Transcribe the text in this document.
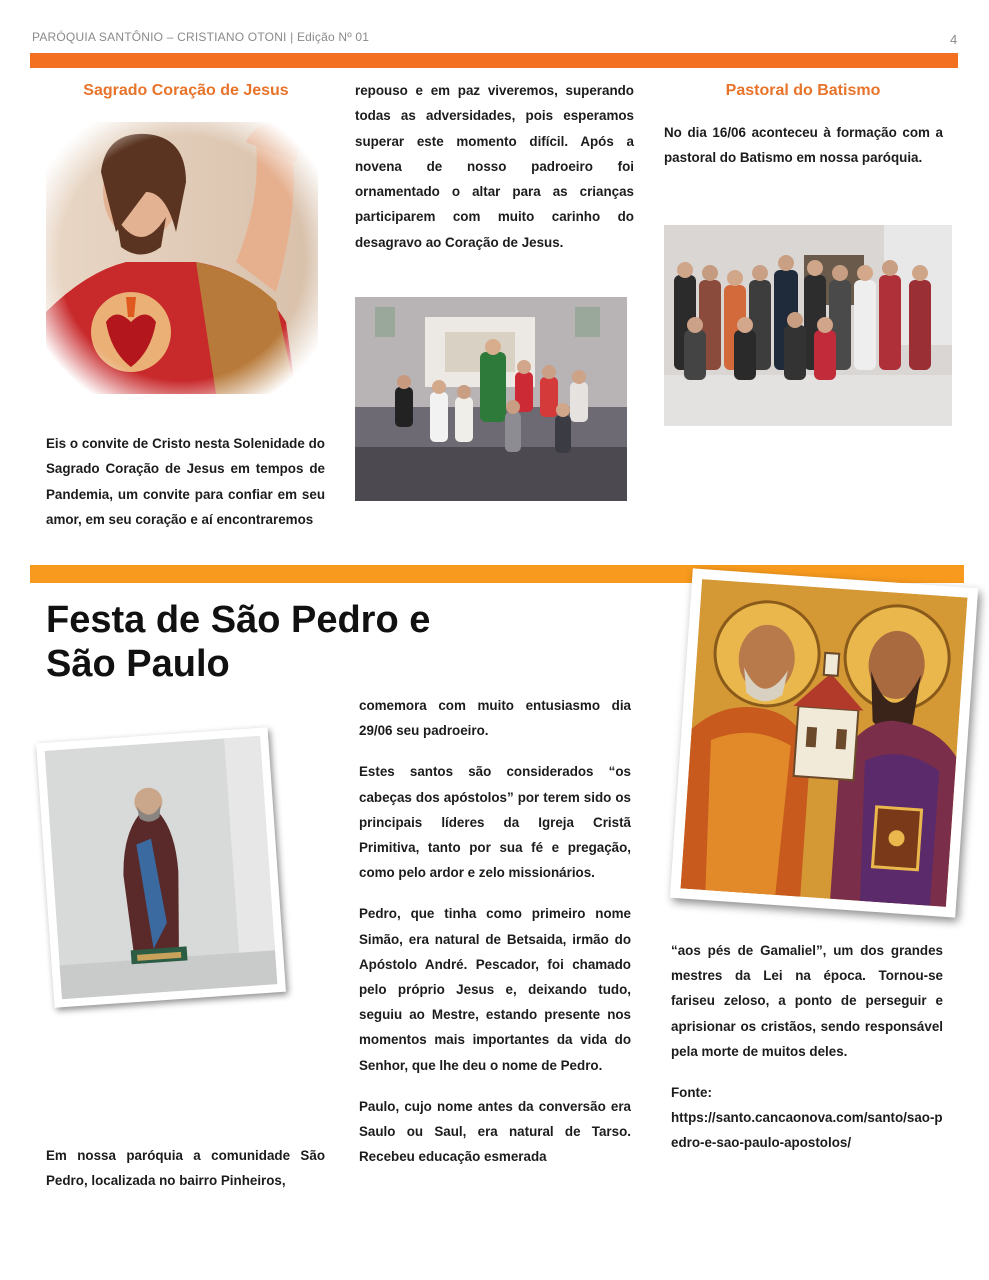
PARÓQUIA SANTÔNIO – CRISTIANO OTONI | Edição Nº 01	4
Sagrado Coração de Jesus
Eis o convite de Cristo nesta Solenidade do Sagrado Coração de Jesus em tempos de Pandemia, um convite para confiar em seu amor, em seu coração e aí encontraremos
repouso e em paz viveremos, superando todas as adversidades, pois esperamos superar este momento difícil. Após a novena de nosso padroeiro foi ornamentado o altar para as crianças participarem com muito carinho do desagravo ao Coração de Jesus.
Pastoral do Batismo
No dia 16/06 aconteceu à formação com a pastoral do Batismo em nossa paróquia.
Festa de São Pedro e
São Paulo
Em nossa paróquia a comunidade São Pedro, localizada no bairro Pinheiros,

comemora com muito entusiasmo dia 29/06 seu padroeiro.

Estes santos são considerados “os cabeças dos apóstolos” por terem sido os principais líderes da Igreja Cristã Primitiva, tanto por sua fé e pregação, como pelo ardor e zelo missionários.

Pedro, que tinha como primeiro nome Simão, era natural de Betsaida, irmão do Apóstolo André. Pescador, foi chamado pelo próprio Jesus e, deixando tudo, seguiu ao Mestre, estando presente nos momentos mais importantes da vida do Senhor, que lhe deu o nome de Pedro.

Paulo, cujo nome antes da conversão era Saulo ou Saul, era natural de Tarso. Recebeu educação esmerada

“aos pés de Gamaliel”, um dos grandes mestres da Lei na época. Tornou-se fariseu zeloso, a ponto de perseguir e aprisionar os cristãos, sendo responsável pela morte de muitos deles.

Fonte:

https://santo.cancaonova.com/santo/sao-pedro-e-sao-paulo-apostolos/
